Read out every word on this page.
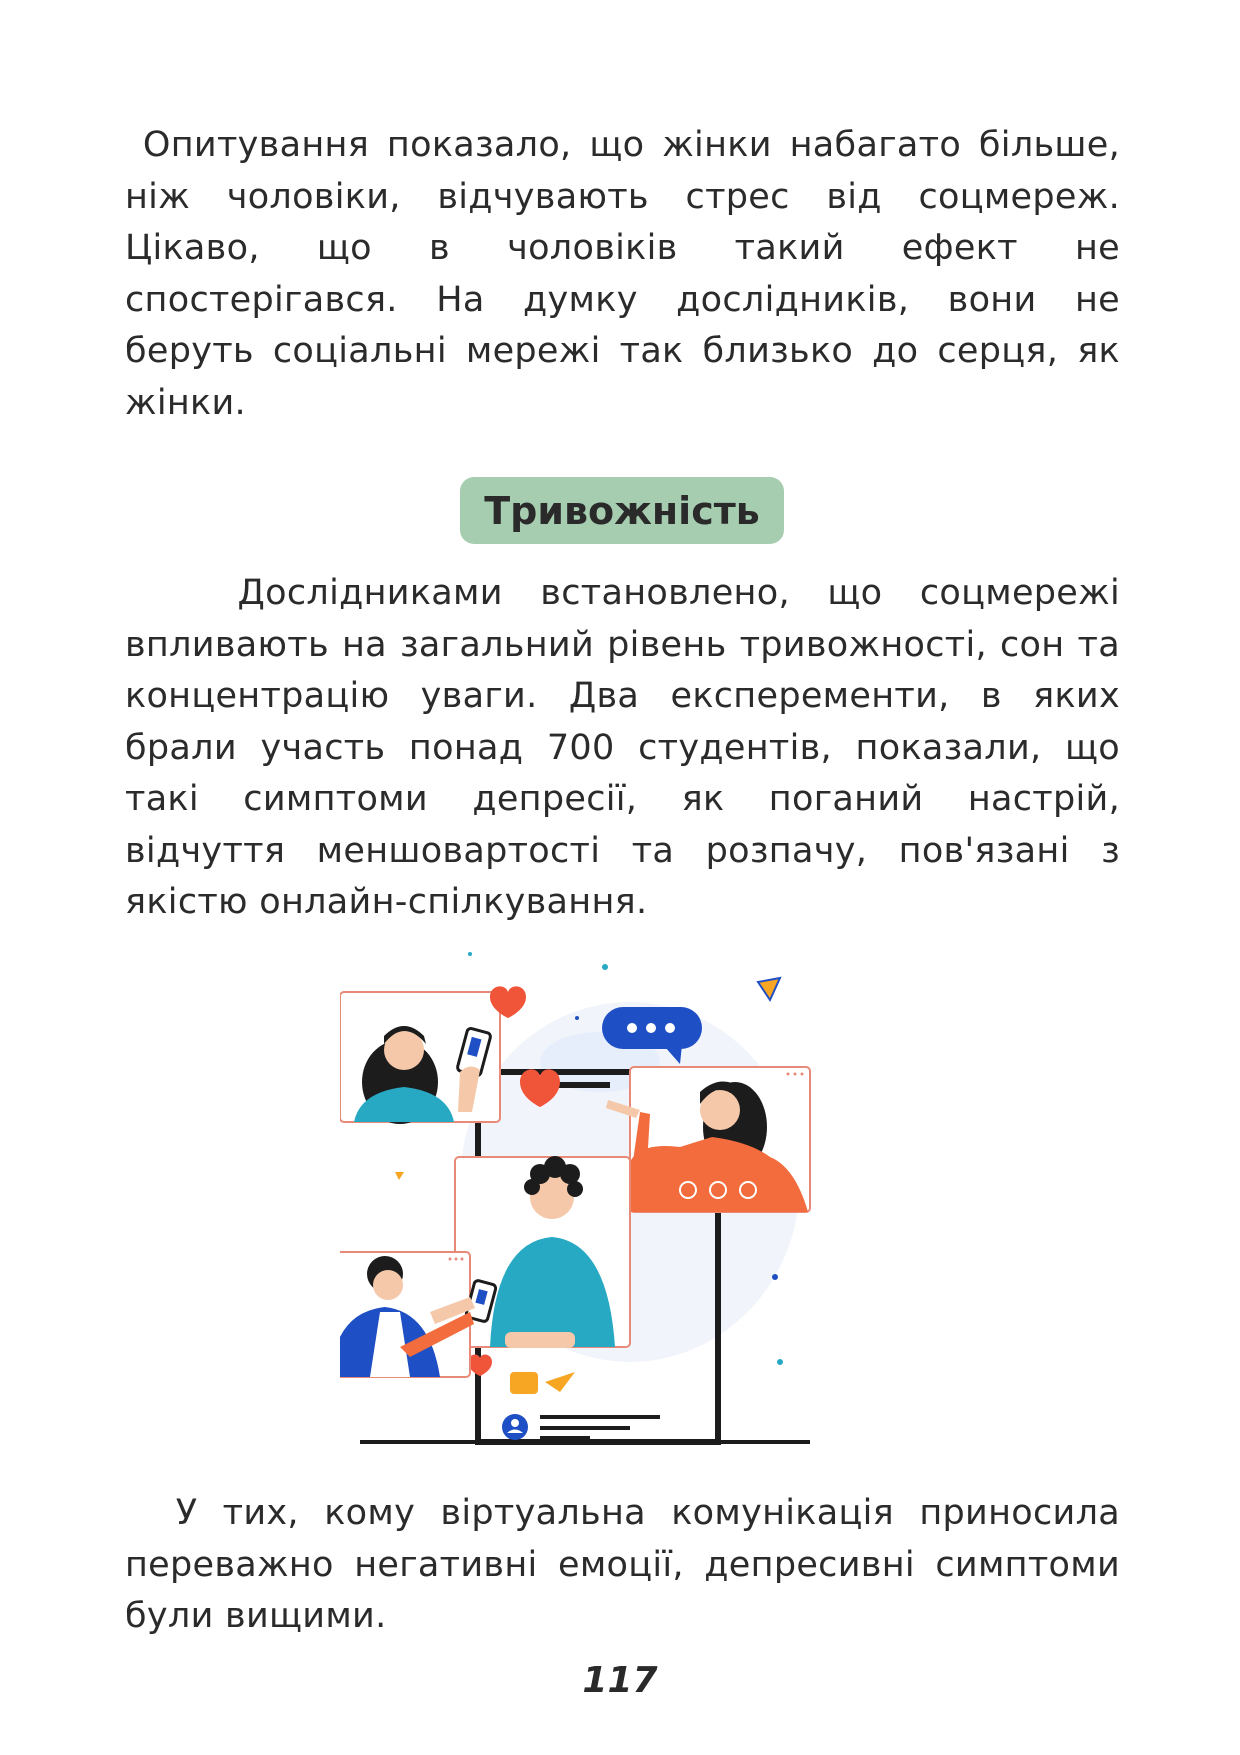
Опитування показало, що жінки набагато більше, ніж чоловіки, відчувають стрес від соцмереж. Цікаво, що в чоловіків такий ефект не спостерігався. На думку дослідників, вони не беруть соціальні мережі так близько до серця, як жінки.

Тривожність

Дослідниками встановлено, що соцмережі впливають на загальний рівень тривожності, сон та концентрацію уваги. Два експеременти, в яких брали участь понад 700 студентів, показали, що такі симптоми депресії, як поганий настрій, відчуття меншовартості та розпачу, пов'язані з якістю онлайн-спілкування.

У тих, кому віртуальна комунікація приносила переважно негативні емоції, депресивні симптоми були вищими.

117
